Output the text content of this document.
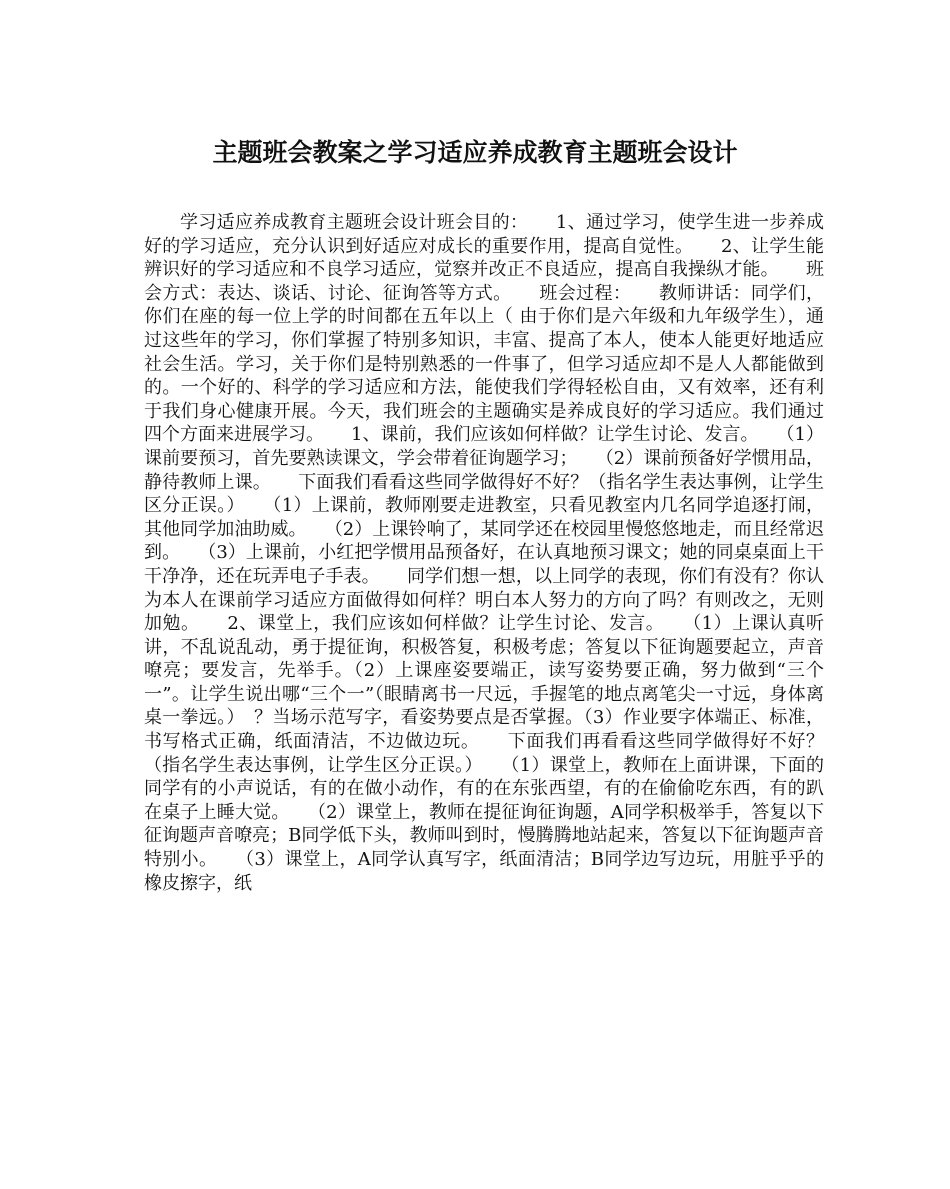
主题班会教案之学习适应养成教育主题班会设计

学习适应养成教育主题班会设计班会目的：　　1、通过学习，使学生进一步养成好的学习适应，充分认识到好适应对成长的重要作用，提高自觉性。　　2、让学生能辨识好的学习适应和不良学习适应，觉察并改正不良适应，提高自我操纵才能。　　班会方式：表达、谈话、讨论、征询答等方式。　　班会过程：　　教师讲话：同学们，你们在座的每一位上学的时间都在五年以上（ 由于你们是六年级和九年级学生），通过这些年的学习，你们掌握了特别多知识，丰富、提高了本人，使本人能更好地适应社会生活。学习，关于你们是特别熟悉的一件事了，但学习适应却不是人人都能做到的。一个好的、科学的学习适应和方法，能使我们学得轻松自由，又有效率，还有利于我们身心健康开展。今天，我们班会的主题确实是养成良好的学习适应。我们通过四个方面来进展学习。　　1、课前，我们应该如何样做？让学生讨论、发言。　　（1）课前要预习，首先要熟读课文，学会带着征询题学习；　　（2）课前预备好学惯用品，静待教师上课。　　下面我们看看这些同学做得好不好？（指名学生表达事例，让学生区分正误。）　　（1）上课前，教师刚要走进教室，只看见教室内几名同学追逐打闹，其他同学加油助威。　　（2）上课铃响了，某同学还在校园里慢悠悠地走，而且经常迟到。　　（3）上课前，小红把学惯用品预备好，在认真地预习课文；她的同桌桌面上干干净净，还在玩弄电子手表。　　同学们想一想，以上同学的表现，你们有没有？你认为本人在课前学习适应方面做得如何样？明白本人努力的方向了吗？有则改之，无则加勉。　　2、课堂上，我们应该如何样做？让学生讨论、发言。　　（1）上课认真听讲，不乱说乱动，勇于提征询，积极答复，积极考虑；答复以下征询题要起立，声音嘹亮；要发言，先举手。（2）上课座姿要端正，读写姿势要正确，努力做到“三个一”。让学生说出哪“三个一”（眼睛离书一尺远，手握笔的地点离笔尖一寸远，身体离桌一拳远。）　？当场示范写字，看姿势要点是否掌握。（3）作业要字体端正、标准，书写格式正确，纸面清洁，不边做边玩。　　下面我们再看看这些同学做得好不好？（指名学生表达事例，让学生区分正误。）　　（1）课堂上，教师在上面讲课，下面的同学有的小声说话，有的在做小动作，有的在东张西望，有的在偷偷吃东西，有的趴在桌子上睡大觉。　　（2）课堂上，教师在提征询征询题，A同学积极举手，答复以下征询题声音嘹亮；B同学低下头，教师叫到时，慢腾腾地站起来，答复以下征询题声音特别小。　　（3）课堂上，A同学认真写字，纸面清洁；B同学边写边玩，用脏乎乎的橡皮擦字，纸
